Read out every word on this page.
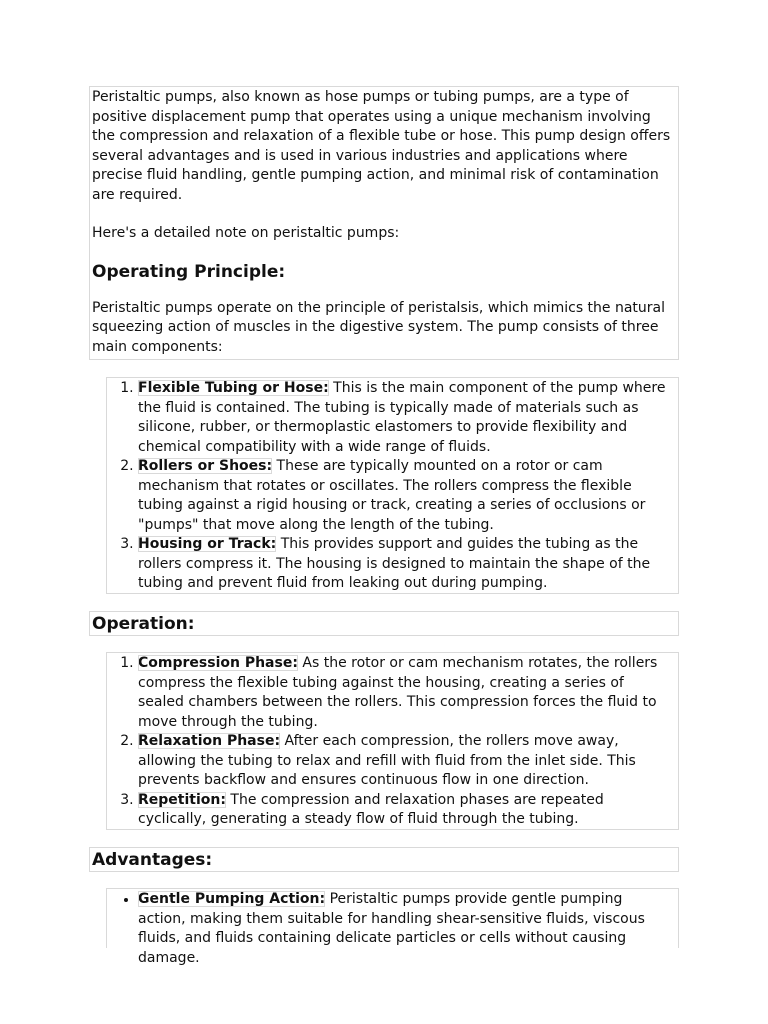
Peristaltic pumps, also known as hose pumps or tubing pumps, are a type of positive displacement pump that operates using a unique mechanism involving the compression and relaxation of a flexible tube or hose. This pump design offers several advantages and is used in various industries and applications where precise fluid handling, gentle pumping action, and minimal risk of contamination are required.

Here's a detailed note on peristaltic pumps:

Operating Principle:

Peristaltic pumps operate on the principle of peristalsis, which mimics the natural squeezing action of muscles in the digestive system. The pump consists of three main components:

1. Flexible Tubing or Hose: This is the main component of the pump where the fluid is contained. The tubing is typically made of materials such as silicone, rubber, or thermoplastic elastomers to provide flexibility and chemical compatibility with a wide range of fluids.
2. Rollers or Shoes: These are typically mounted on a rotor or cam mechanism that rotates or oscillates. The rollers compress the flexible tubing against a rigid housing or track, creating a series of occlusions or "pumps" that move along the length of the tubing.
3. Housing or Track: This provides support and guides the tubing as the rollers compress it. The housing is designed to maintain the shape of the tubing and prevent fluid from leaking out during pumping.
Operation:
1. Compression Phase: As the rotor or cam mechanism rotates, the rollers compress the flexible tubing against the housing, creating a series of sealed chambers between the rollers. This compression forces the fluid to move through the tubing.
2. Relaxation Phase: After each compression, the rollers move away, allowing the tubing to relax and refill with fluid from the inlet side. This prevents backflow and ensures continuous flow in one direction.
3. Repetition: The compression and relaxation phases are repeated cyclically, generating a steady flow of fluid through the tubing.
Advantages:
• Gentle Pumping Action: Peristaltic pumps provide gentle pumping action, making them suitable for handling shear-sensitive fluids, viscous fluids, and fluids containing delicate particles or cells without causing damage.
